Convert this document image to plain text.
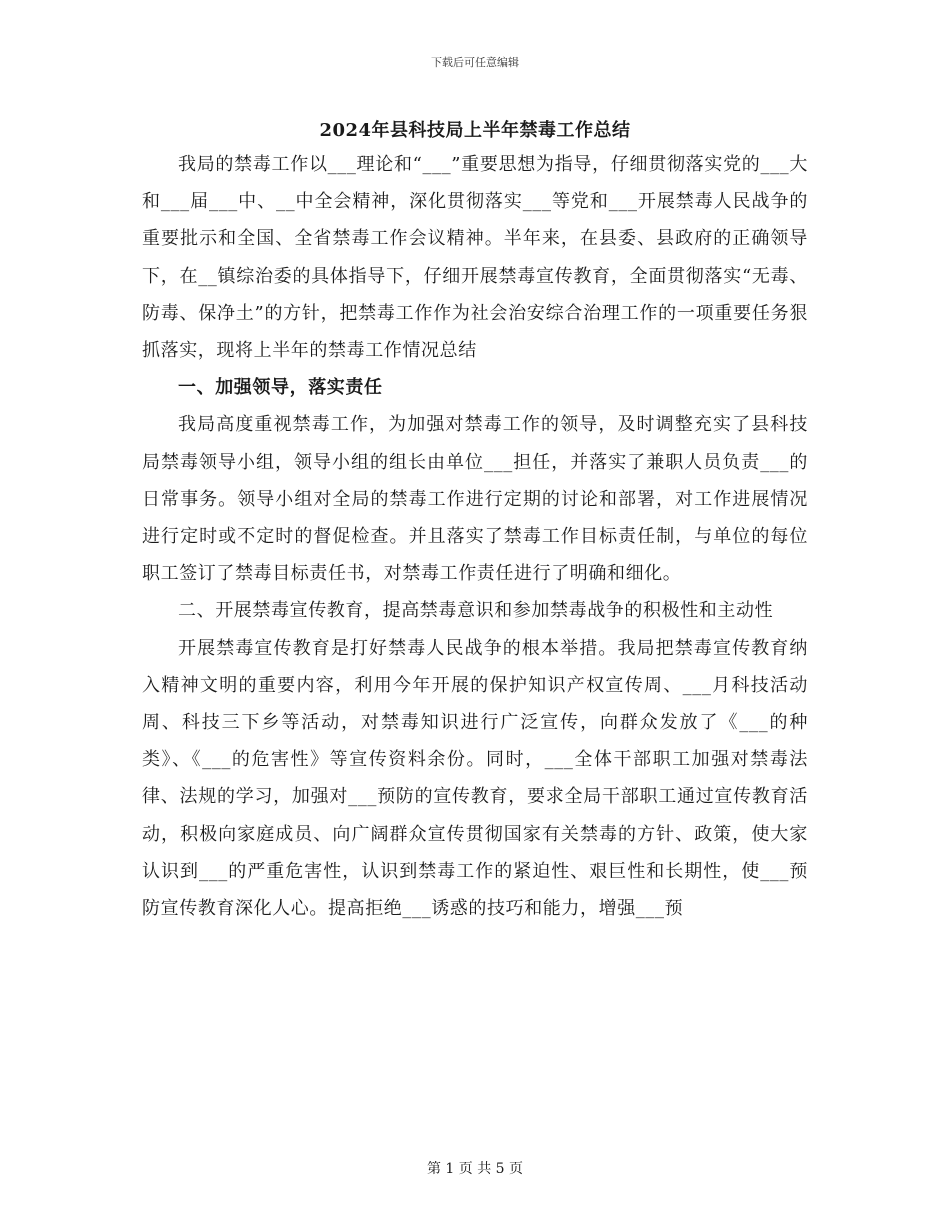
下载后可任意编辑
2024年县科技局上半年禁毒工作总结

我局的禁毒工作以___理论和“___”重要思想为指导，仔细贯彻落实党的___大和___届___中、__中全会精神，深化贯彻落实___等党和___开展禁毒人民战争的重要批示和全国、全省禁毒工作会议精神。半年来，在县委、县政府的正确领导下，在__镇综治委的具体指导下，仔细开展禁毒宣传教育，全面贯彻落实“无毒、防毒、保净土”的方针，把禁毒工作作为社会治安综合治理工作的一项重要任务狠抓落实，现将上半年的禁毒工作情况总结

一、加强领导，落实责任

我局高度重视禁毒工作，为加强对禁毒工作的领导，及时调整充实了县科技局禁毒领导小组，领导小组的组长由单位___担任，并落实了兼职人员负责___的日常事务。领导小组对全局的禁毒工作进行定期的讨论和部署，对工作进展情况进行定时或不定时的督促检查。并且落实了禁毒工作目标责任制，与单位的每位职工签订了禁毒目标责任书，对禁毒工作责任进行了明确和细化。

二、开展禁毒宣传教育，提高禁毒意识和参加禁毒战争的积极性和主动性

开展禁毒宣传教育是打好禁毒人民战争的根本举措。我局把禁毒宣传教育纳入精神文明的重要内容，利用今年开展的保护知识产权宣传周、___月科技活动周、科技三下乡等活动，对禁毒知识进行广泛宣传，向群众发放了《___的种类》、《___的危害性》等宣传资料余份。同时，___全体干部职工加强对禁毒法律、法规的学习，加强对___预防的宣传教育，要求全局干部职工通过宣传教育活动，积极向家庭成员、向广阔群众宣传贯彻国家有关禁毒的方针、政策，使大家认识到___的严重危害性，认识到禁毒工作的紧迫性、艰巨性和长期性，使___预防宣传教育深化人心。提高拒绝___诱惑的技巧和能力，增强___预

第 1 页 共 5 页
